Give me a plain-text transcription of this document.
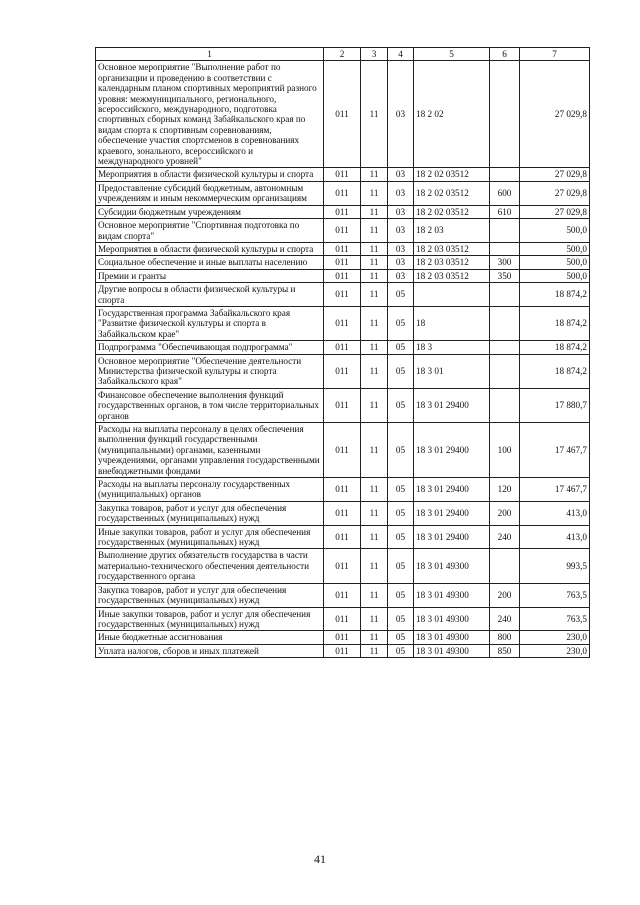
1	2	3	4	5	6	7
Основное мероприятие "Выполнение работ по организации и проведению в соответствии с календарным планом спортивных мероприятий разного уровня: межмуниципального, регионального, всероссийского, международного, подготовка спортивных сборных команд Забайкальского края по видам спорта к спортивным соревнованиям, обеспечение участия спортсменов в соревнованиях краевого, зонального, всероссийского и международного уровней"	011	11	03	18 2 02		27 029,8
Мероприятия в области физической культуры и спорта	011	11	03	18 2 02 03512		27 029,8
Предоставление субсидий бюджетным, автономным учреждениям и иным некоммерческим организациям	011	11	03	18 2 02 03512	600	27 029,8
Субсидии бюджетным учреждениям	011	11	03	18 2 02 03512	610	27 029,8
Основное мероприятие "Спортивная подготовка по видам спорта"	011	11	03	18 2 03		500,0
Мероприятия в области физической культуры и спорта	011	11	03	18 2 03 03512		500,0
Социальное обеспечение и иные выплаты населению	011	11	03	18 2 03 03512	300	500,0
Премии и гранты	011	11	03	18 2 03 03512	350	500,0
Другие вопросы в области физической культуры и спорта	011	11	05			18 874,2
Государственная программа Забайкальского края "Развитие физической культуры и спорта в Забайкальском крае"	011	11	05	18		18 874,2
Подпрограмма "Обеспечивающая подпрограмма"	011	11	05	18 3		18 874,2
Основное мероприятие "Обеспечение деятельности Министерства физической культуры и спорта Забайкальского края"	011	11	05	18 3 01		18 874,2
Финансовое обеспечение выполнения функций государственных органов, в том числе территориальных органов	011	11	05	18 3 01 29400		17 880,7
Расходы на выплаты персоналу в целях обеспечения выполнения функций государственными (муниципальными) органами, казенными учреждениями, органами управления государственными внебюджетными фондами	011	11	05	18 3 01 29400	100	17 467,7
Расходы на выплаты персоналу государственных (муниципальных) органов	011	11	05	18 3 01 29400	120	17 467,7
Закупка товаров, работ и услуг для обеспечения государственных (муниципальных) нужд	011	11	05	18 3 01 29400	200	413,0
Иные закупки товаров, работ и услуг для обеспечения государственных (муниципальных) нужд	011	11	05	18 3 01 29400	240	413,0
Выполнение других обязательств государства в части материально-технического обеспечения деятельности государственного органа	011	11	05	18 3 01 49300		993,5
Закупка товаров, работ и услуг для обеспечения государственных (муниципальных) нужд	011	11	05	18 3 01 49300	200	763,5
Иные закупки товаров, работ и услуг для обеспечения государственных (муниципальных) нужд	011	11	05	18 3 01 49300	240	763,5
Иные бюджетные ассигнования	011	11	05	18 3 01 49300	800	230,0
Уплата налогов, сборов и иных платежей	011	11	05	18 3 01 49300	850	230,0
41
